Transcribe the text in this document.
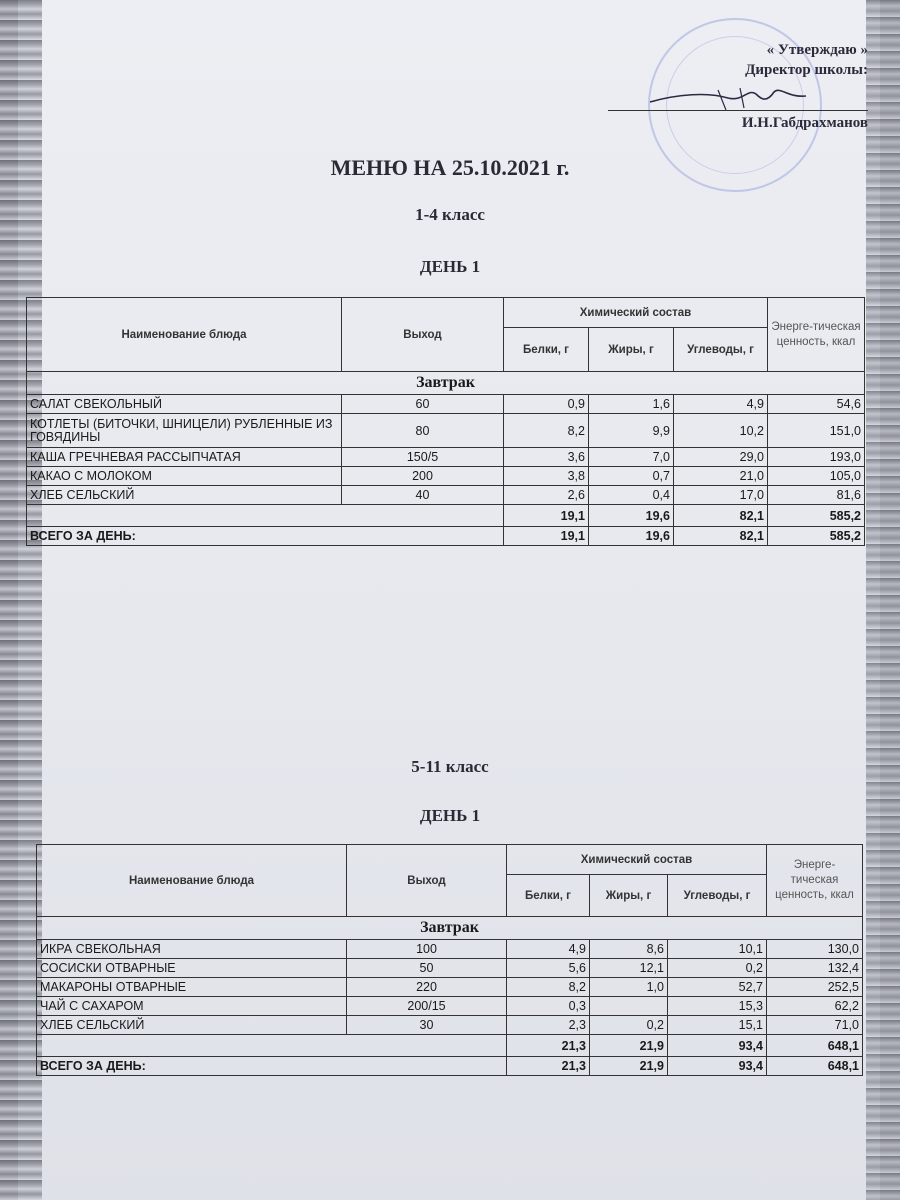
« Утверждаю »
Директор школы:
И.Н.Габдрахманов
МЕНЮ НА 25.10.2021 г.
1-4 класс
ДЕНЬ 1
Наименование блюда	Выход	Химический состав			Энерге-тическая ценность, ккал
		Белки, г	Жиры, г	Углеводы, г	
Завтрак					
САЛАТ СВЕКОЛЬНЫЙ	60	0,9	1,6	4,9	54,6
КОТЛЕТЫ (БИТОЧКИ, ШНИЦЕЛИ) РУБЛЕННЫЕ ИЗ ГОВЯДИНЫ	80	8,2	9,9	10,2	151,0
КАША ГРЕЧНЕВАЯ РАССЫПЧАТАЯ	150/5	3,6	7,0	29,0	193,0
КАКАО С МОЛОКОМ	200	3,8	0,7	21,0	105,0
ХЛЕБ СЕЛЬСКИЙ	40	2,6	0,4	17,0	81,6
		19,1	19,6	82,1	585,2
ВСЕГО ЗА ДЕНЬ:		19,1	19,6	82,1	585,2
5-11 класс
ДЕНЬ 1
Наименование блюда	Выход	Химический состав			Энерге-тическая ценность, ккал
		Белки, г	Жиры, г	Углеводы, г	
Завтрак					
ИКРА СВЕКОЛЬНАЯ	100	4,9	8,6	10,1	130,0
СОСИСКИ ОТВАРНЫЕ	50	5,6	12,1	0,2	132,4
МАКАРОНЫ ОТВАРНЫЕ	220	8,2	1,0	52,7	252,5
ЧАЙ С САХАРОМ	200/15	0,3		15,3	62,2
ХЛЕБ СЕЛЬСКИЙ	30	2,3	0,2	15,1	71,0
		21,3	21,9	93,4	648,1
ВСЕГО ЗА ДЕНЬ:		21,3	21,9	93,4	648,1
